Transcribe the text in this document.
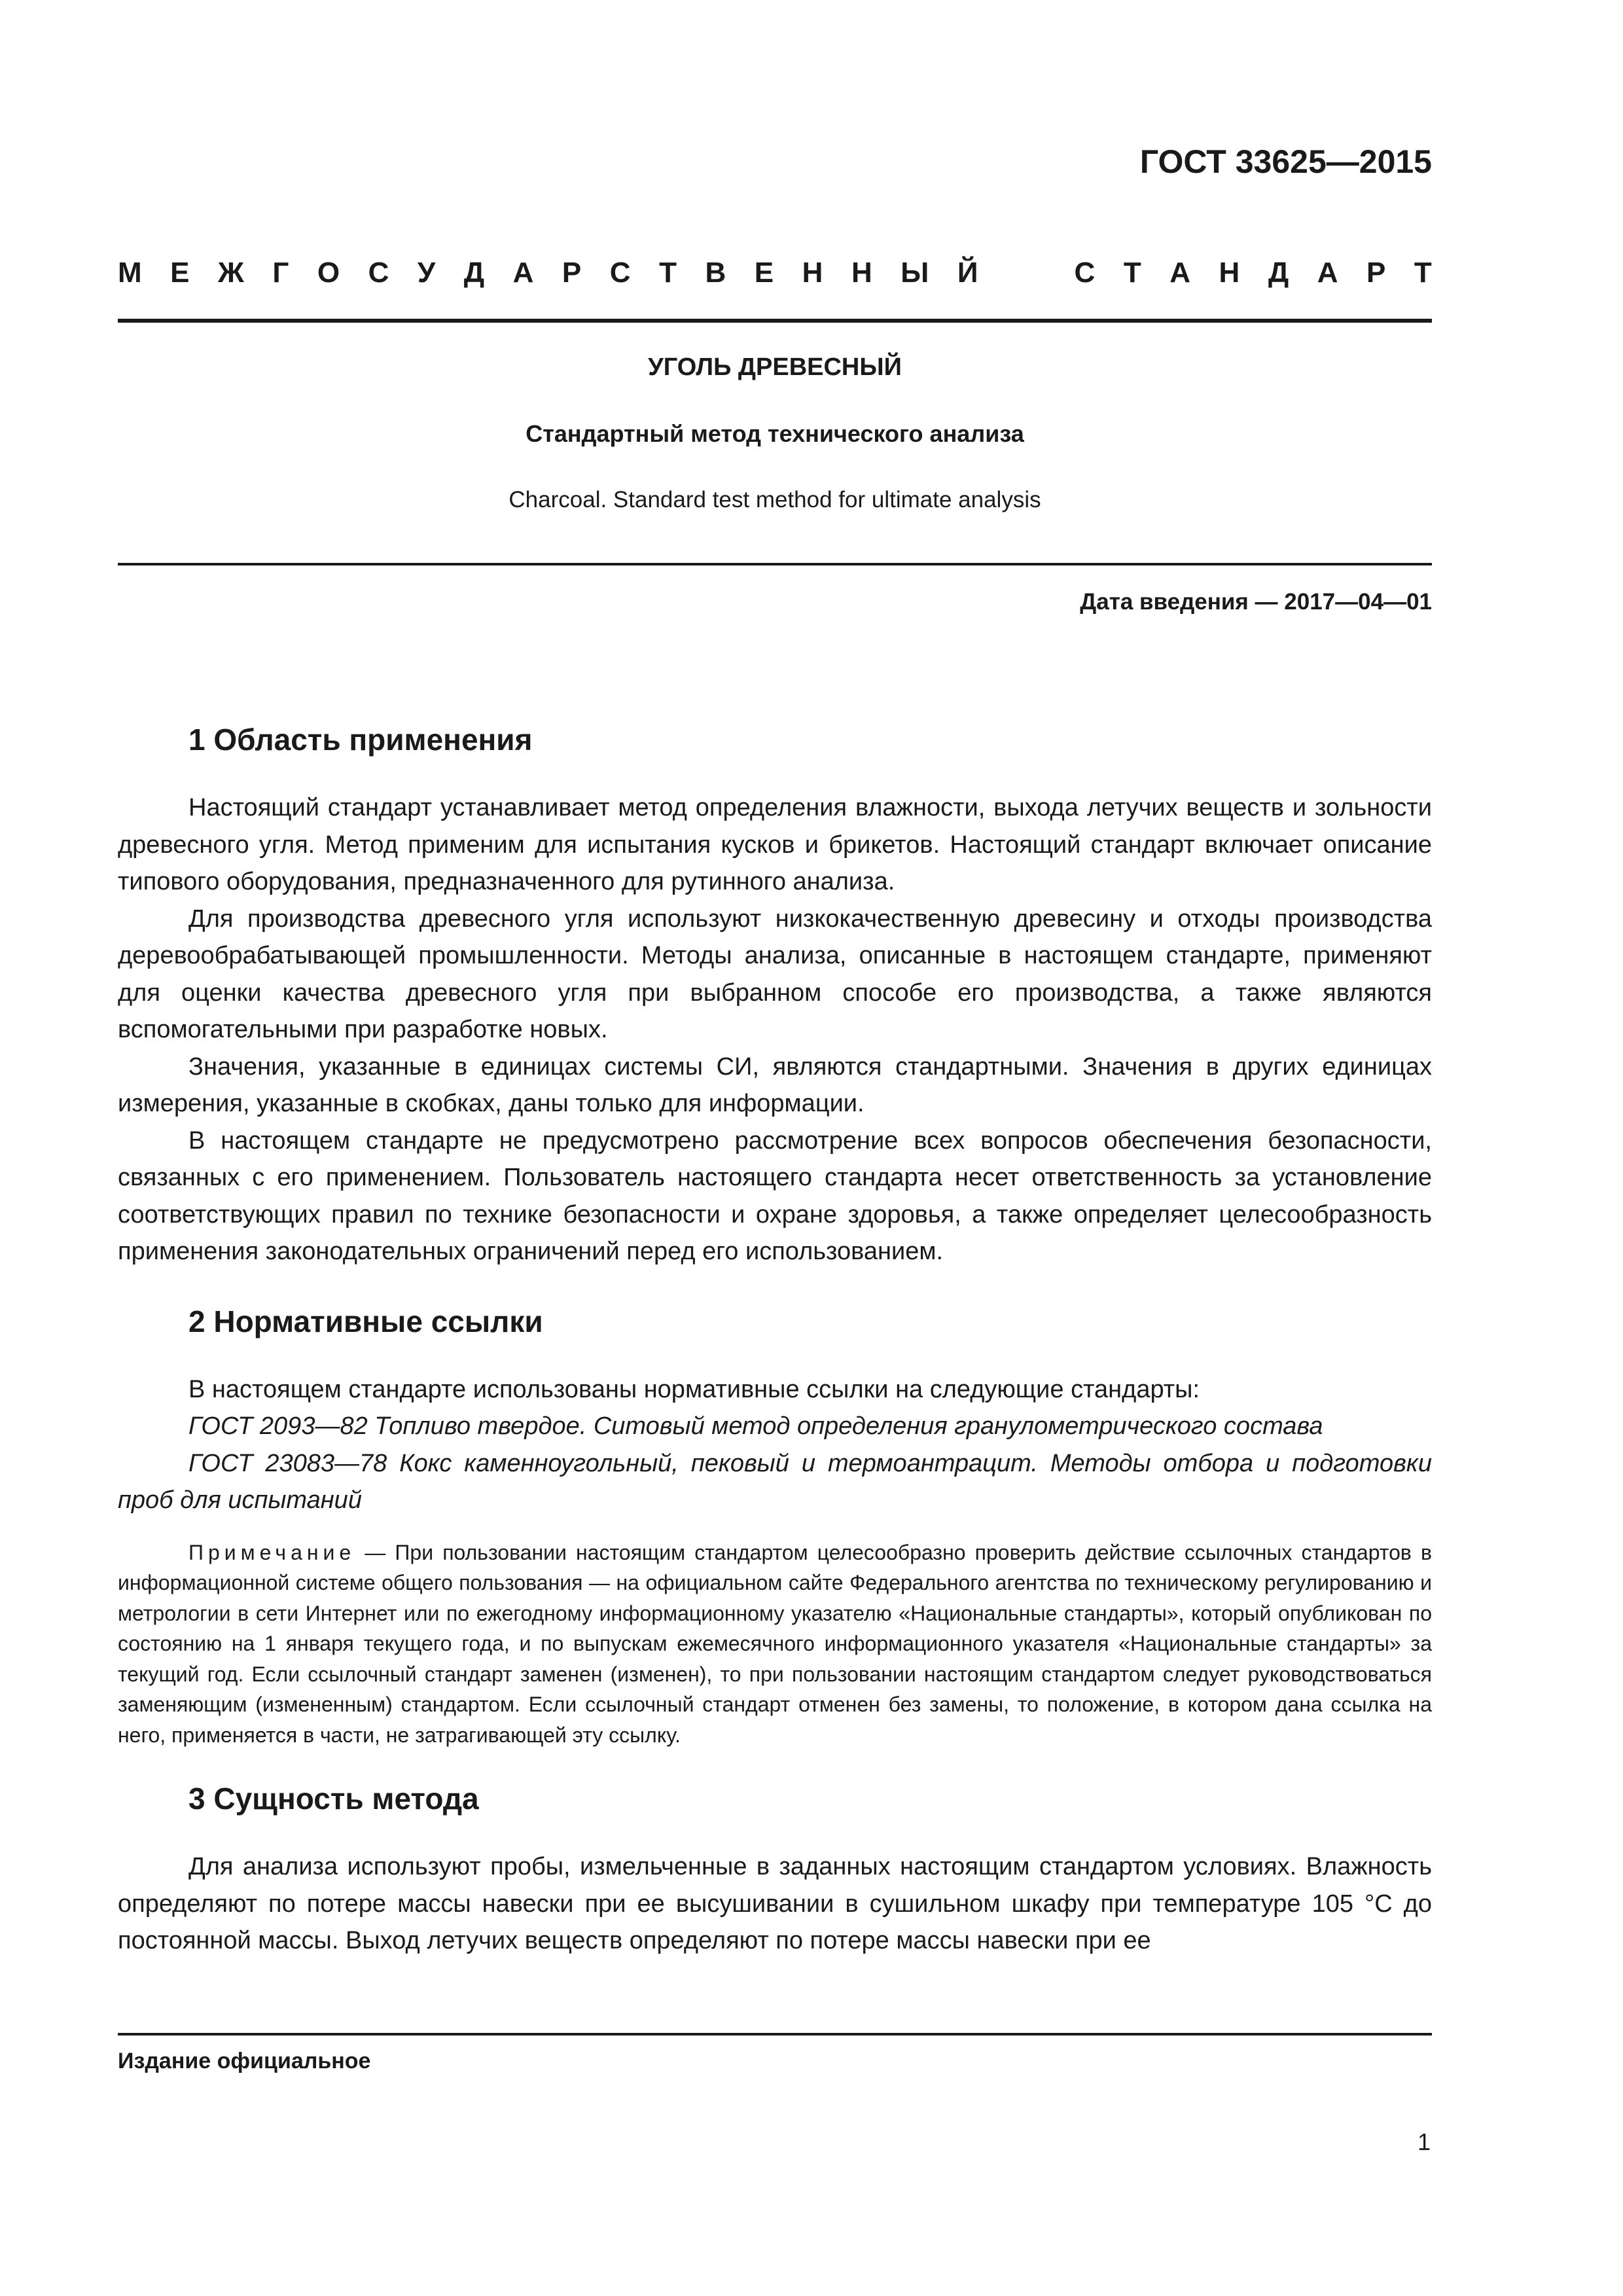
ГОСТ 33625—2015
М Е Ж Г О С У Д А Р С Т В Е Н Н Ы Й	С Т А Н Д А Р Т
УГОЛЬ ДРЕВЕСНЫЙ
Стандартный метод технического анализа
Charcoal. Standard test method for ultimate analysis
Дата введения — 2017—04—01
1 Область применения

Настоящий стандарт устанавливает метод определения влажности, выхода летучих веществ и зольности древесного угля. Метод применим для испытания кусков и брикетов. Настоящий стандарт включает описание типового оборудования, предназначенного для рутинного анализа.

Для производства древесного угля используют низкокачественную древесину и отходы производства деревообрабатывающей промышленности. Методы анализа, описанные в настоящем стандарте, применяют для оценки качества древесного угля при выбранном способе его производства, а также являются вспомогательными при разработке новых.

Значения, указанные в единицах системы СИ, являются стандартными. Значения в других единицах измерения, указанные в скобках, даны только для информации.

В настоящем стандарте не предусмотрено рассмотрение всех вопросов обеспечения безопасности, связанных с его применением. Пользователь настоящего стандарта несет ответственность за установление соответствующих правил по технике безопасности и охране здоровья, а также определяет целесообразность применения законодательных ограничений перед его использованием.

2 Нормативные ссылки

В настоящем стандарте использованы нормативные ссылки на следующие стандарты:

ГОСТ 2093—82 Топливо твердое. Ситовый метод определения гранулометрического состава

ГОСТ 23083—78 Кокс каменноугольный, пековый и термоантрацит. Методы отбора и подготовки проб для испытаний

Примечание — При пользовании настоящим стандартом целесообразно проверить действие ссылочных стандартов в информационной системе общего пользования — на официальном сайте Федерального агентства по техническому регулированию и метрологии в сети Интернет или по ежегодному информационному указателю «Национальные стандарты», который опубликован по состоянию на 1 января текущего года, и по выпускам ежемесячного информационного указателя «Национальные стандарты» за текущий год. Если ссылочный стандарт заменен (изменен), то при пользовании настоящим стандартом следует руководствоваться заменяющим (измененным) стандартом. Если ссылочный стандарт отменен без замены, то положение, в котором дана ссылка на него, применяется в части, не затрагивающей эту ссылку.

3 Сущность метода

Для анализа используют пробы, измельченные в заданных настоящим стандартом условиях. Влажность определяют по потере массы навески при ее высушивании в сушильном шкафу при температуре 105 °С до постоянной массы. Выход летучих веществ определяют по потере массы навески при ее

Издание официальное
1
